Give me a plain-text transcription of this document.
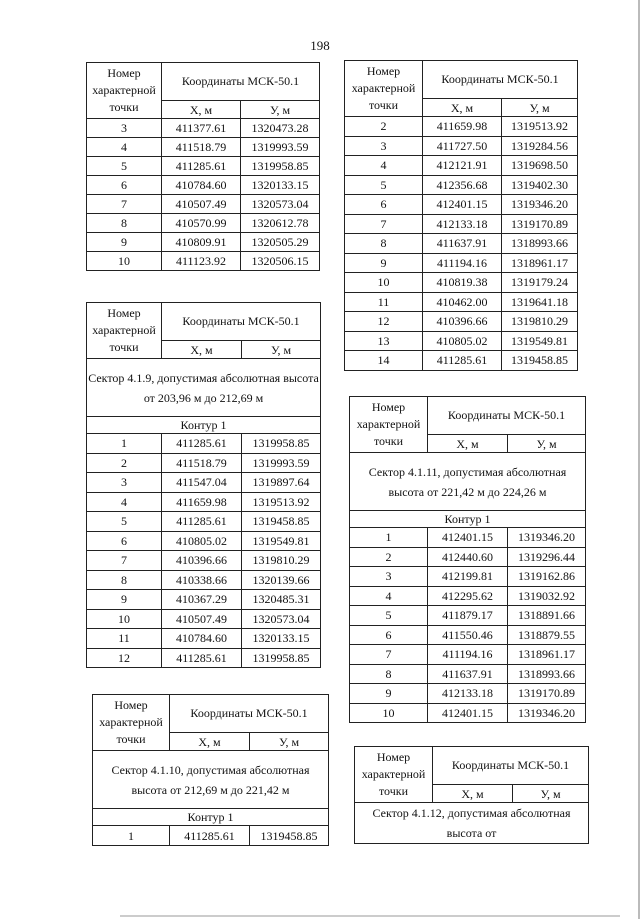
198
Номер характерной точки	Координаты МСК-50.1	
	X, м	У, м
3	411377.61	1320473.28
4	411518.79	1319993.59
5	411285.61	1319958.85
6	410784.60	1320133.15
7	410507.49	1320573.04
8	410570.99	1320612.78
9	410809.91	1320505.29
10	411123.92	1320506.15
Номер характерной точки	Координаты МСК-50.1	
	X, м	У, м
Сектор 4.1.9, допустимая абсолютная высота от 203,96 м до 212,69 м		
Контур 1		
1	411285.61	1319958.85
2	411518.79	1319993.59
3	411547.04	1319897.64
4	411659.98	1319513.92
5	411285.61	1319458.85
6	410805.02	1319549.81
7	410396.66	1319810.29
8	410338.66	1320139.66
9	410367.29	1320485.31
10	410507.49	1320573.04
11	410784.60	1320133.15
12	411285.61	1319958.85
Номер характерной точки	Координаты МСК-50.1	
	X, м	У, м
Сектор 4.1.10, допустимая абсолютная высота от 212,69 м до 221,42 м		
Контур 1		
1	411285.61	1319458.85
Номер характерной точки	Координаты МСК-50.1	
	X, м	У, м
2	411659.98	1319513.92
3	411727.50	1319284.56
4	412121.91	1319698.50
5	412356.68	1319402.30
6	412401.15	1319346.20
7	412133.18	1319170.89
8	411637.91	1318993.66
9	411194.16	1318961.17
10	410819.38	1319179.24
11	410462.00	1319641.18
12	410396.66	1319810.29
13	410805.02	1319549.81
14	411285.61	1319458.85
Номер характерной точки	Координаты МСК-50.1	
	X, м	У, м
Сектор 4.1.11, допустимая абсолютная высота от 221,42 м до 224,26 м		
Контур 1		
1	412401.15	1319346.20
2	412440.60	1319296.44
3	412199.81	1319162.86
4	412295.62	1319032.92
5	411879.17	1318891.66
6	411550.46	1318879.55
7	411194.16	1318961.17
8	411637.91	1318993.66
9	412133.18	1319170.89
10	412401.15	1319346.20
Номер характерной точки	Координаты МСК-50.1	
	X, м	У, м
Сектор 4.1.12, допустимая абсолютная высота от		
